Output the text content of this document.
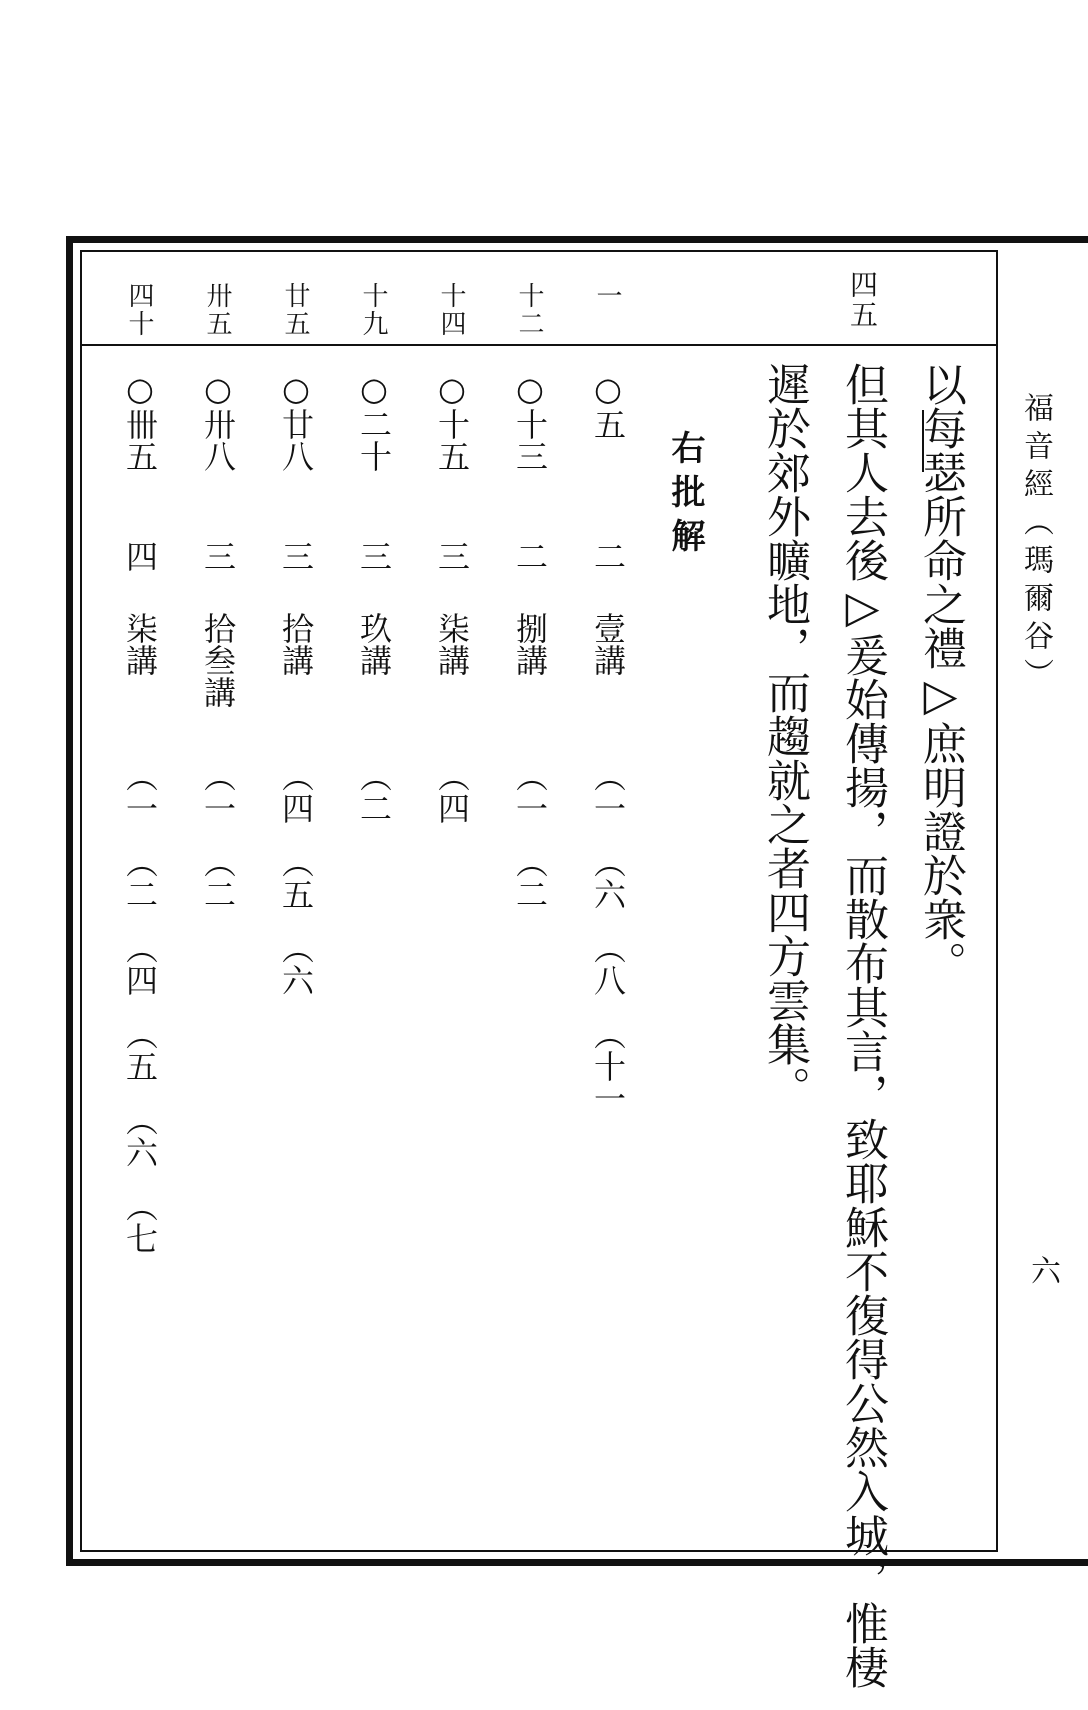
福音經（瑪爾谷）
六
四五
以每瑟所命之禮▷庶明證於衆。
但其人去後▷爰始傳揚，而散布其言，致耶穌不復得公然入城，惟棲
遲於郊外曠地，而趨就之者四方雲集。
右批解
一
○五
二
壹講
（一
（六
（八
（十一
十二
○十三
二
捌講
（一
（二
十四
○十五
三
柒講
（四
十九
○二十
三
玖講
（二
廿五
○廿八
三
拾講
（四
（五
（六
卅五
○卅八
三
拾叁講
（一
（二
四十
○卌五
四
柒講
（一
（二
（四
（五
（六
（七
